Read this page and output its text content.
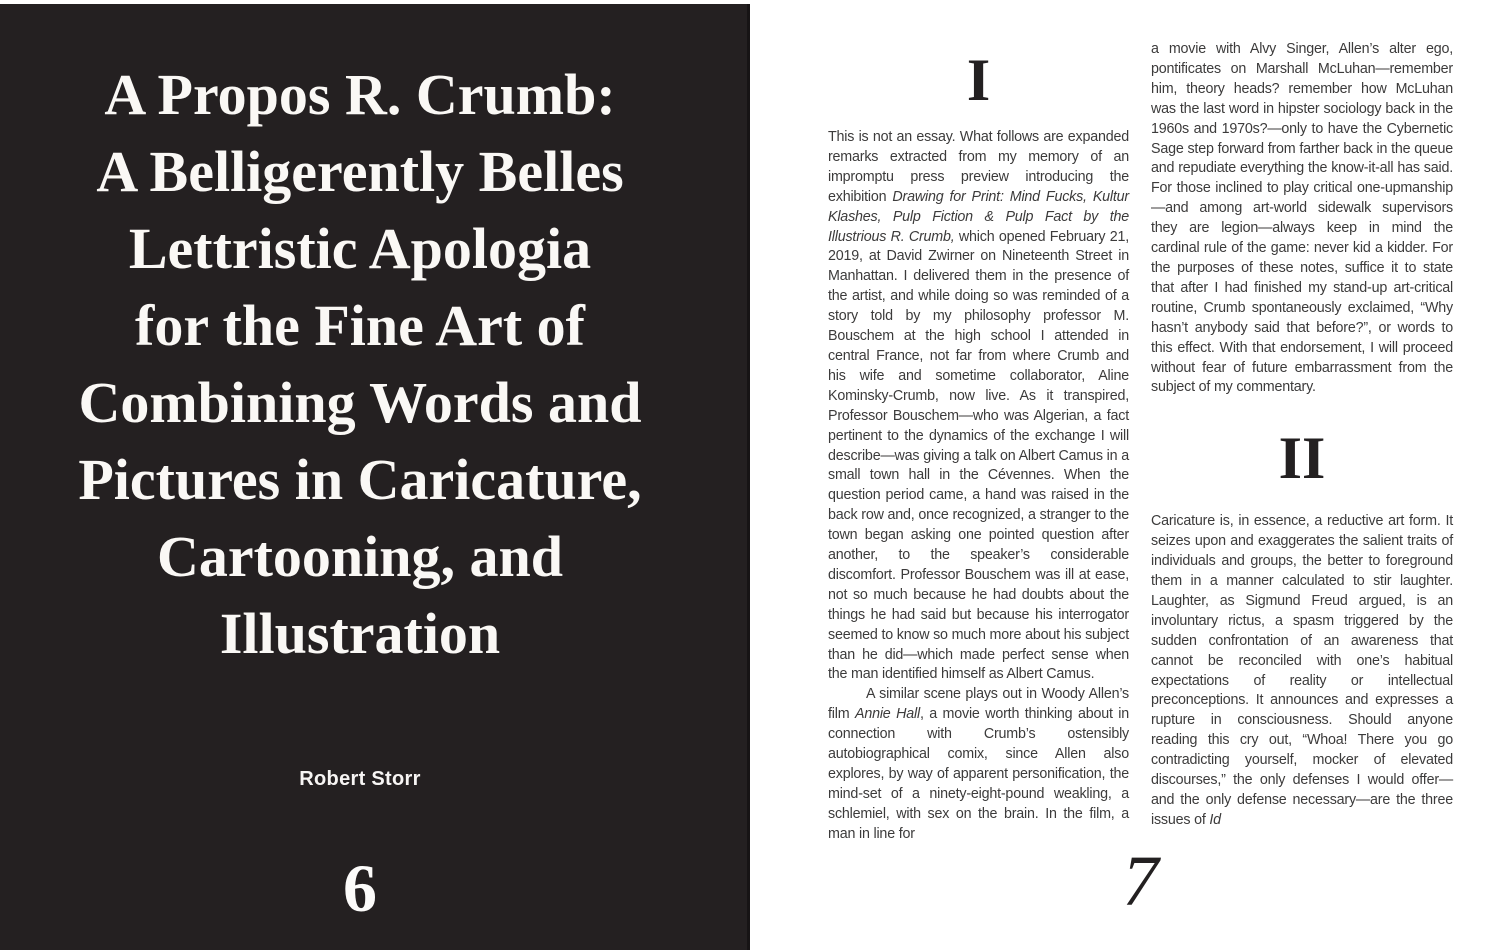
A Propos R. Crumb:
A Belligerently Belles
Lettristic Apologia
for the Fine Art of
Combining Words and
Pictures in Caricature,
Cartooning, and
Illustration
Robert Storr
6
I

This is not an essay. What follows are expanded remarks extracted from my memory of an impromptu press preview introducing the exhibition Drawing for Print: Mind Fucks, Kultur Klashes, Pulp Fiction & Pulp Fact by the Illustrious R. Crumb, which opened February 21, 2019, at David Zwirner on Nineteenth Street in Manhattan. I delivered them in the presence of the artist, and while doing so was reminded of a story told by my philosophy professor M. Bouschem at the high school I attended in central France, not far from where Crumb and his wife and sometime collaborator, Aline Kominsky-Crumb, now live. As it transpired, Professor Bouschem—who was Algerian, a fact pertinent to the dynamics of the exchange I will describe—was giving a talk on Albert Camus in a small town hall in the Cévennes. When the question period came, a hand was raised in the back row and, once recognized, a stranger to the town began asking one pointed question after another, to the speaker’s considerable discomfort. Professor Bouschem was ill at ease, not so much because he had doubts about the things he had said but because his interrogator seemed to know so much more about his subject than he did—which made perfect sense when the man identified himself as Albert Camus.

A similar scene plays out in Woody Allen’s film Annie Hall, a movie worth thinking about in connection with Crumb’s ostensibly autobiographical comix, since Allen also explores, by way of apparent personification, the mind-set of a ninety-eight-pound weakling, a schlemiel, with sex on the brain. In the film, a man in line for

a movie with Alvy Singer, Allen’s alter ego, pontificates on Marshall McLuhan—remember him, theory heads? remember how McLuhan was the last word in hipster sociology back in the 1960s and 1970s?—only to have the Cybernetic Sage step forward from farther back in the queue and repudiate everything the know-it-all has said. For those inclined to play critical one-upmanship—and among art-world sidewalk supervisors they are legion—always keep in mind the cardinal rule of the game: never kid a kidder. For the purposes of these notes, suffice it to state that after I had finished my stand-up art-critical routine, Crumb spontaneously exclaimed, “Why hasn’t anybody said that before?”, or words to this effect. With that endorsement, I will proceed without fear of future embarrassment from the subject of my commentary.

II

Caricature is, in essence, a reductive art form. It seizes upon and exaggerates the salient traits of individuals and groups, the better to foreground them in a manner calculated to stir laughter. Laughter, as Sigmund Freud argued, is an involuntary rictus, a spasm triggered by the sudden confrontation of an awareness that cannot be reconciled with one’s habitual expectations of reality or intellectual preconceptions. It announces and expresses a rupture in consciousness. Should anyone reading this cry out, “Whoa! There you go contradicting yourself, mocker of elevated discourses,” the only defenses I would offer—and the only defense necessary—are the three issues of Id

7
